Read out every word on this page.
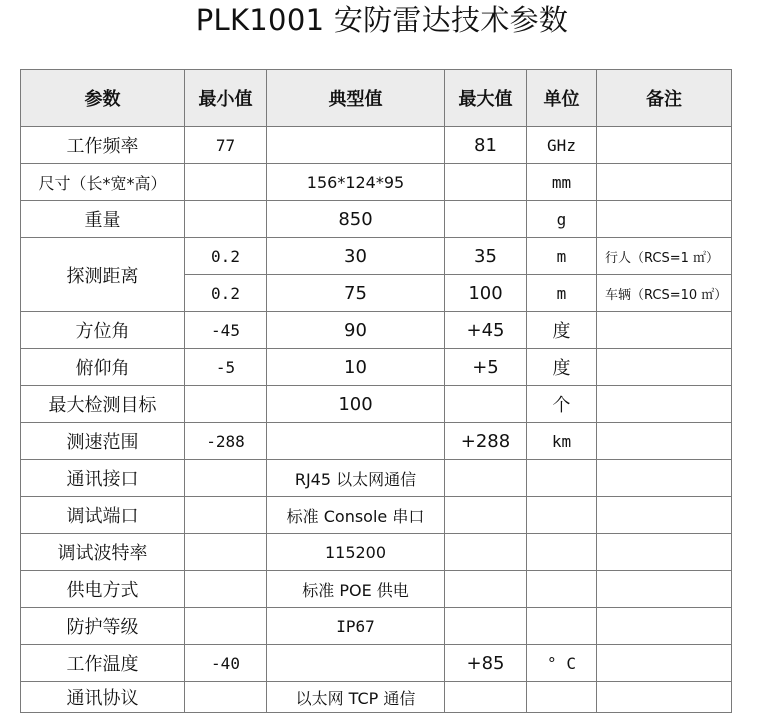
PLK1001 安防雷达技术参数
参数	最小值	典型值	最大值	单位	备注
工作频率	77		81	GHz	
尺寸（长*宽*高）		156*124*95		mm	
重量		850		g	
探测距离	0.2	30	35	m	行人（RCS=1 ㎡）
	0.2	75	100	m	车辆（RCS=10 ㎡）
方位角	-45	90	+45	度	
俯仰角	-5	10	+5	度	
最大检测目标		100		个	
测速范围	-288		+288	km	
通讯接口		RJ45 以太网通信			
调试端口		标准 Console 串口			
调试波特率		115200			
供电方式		标准 POE 供电			
防护等级		IP67			
工作温度	-40		+85	° C	
通讯协议		以太网 TCP 通信			
